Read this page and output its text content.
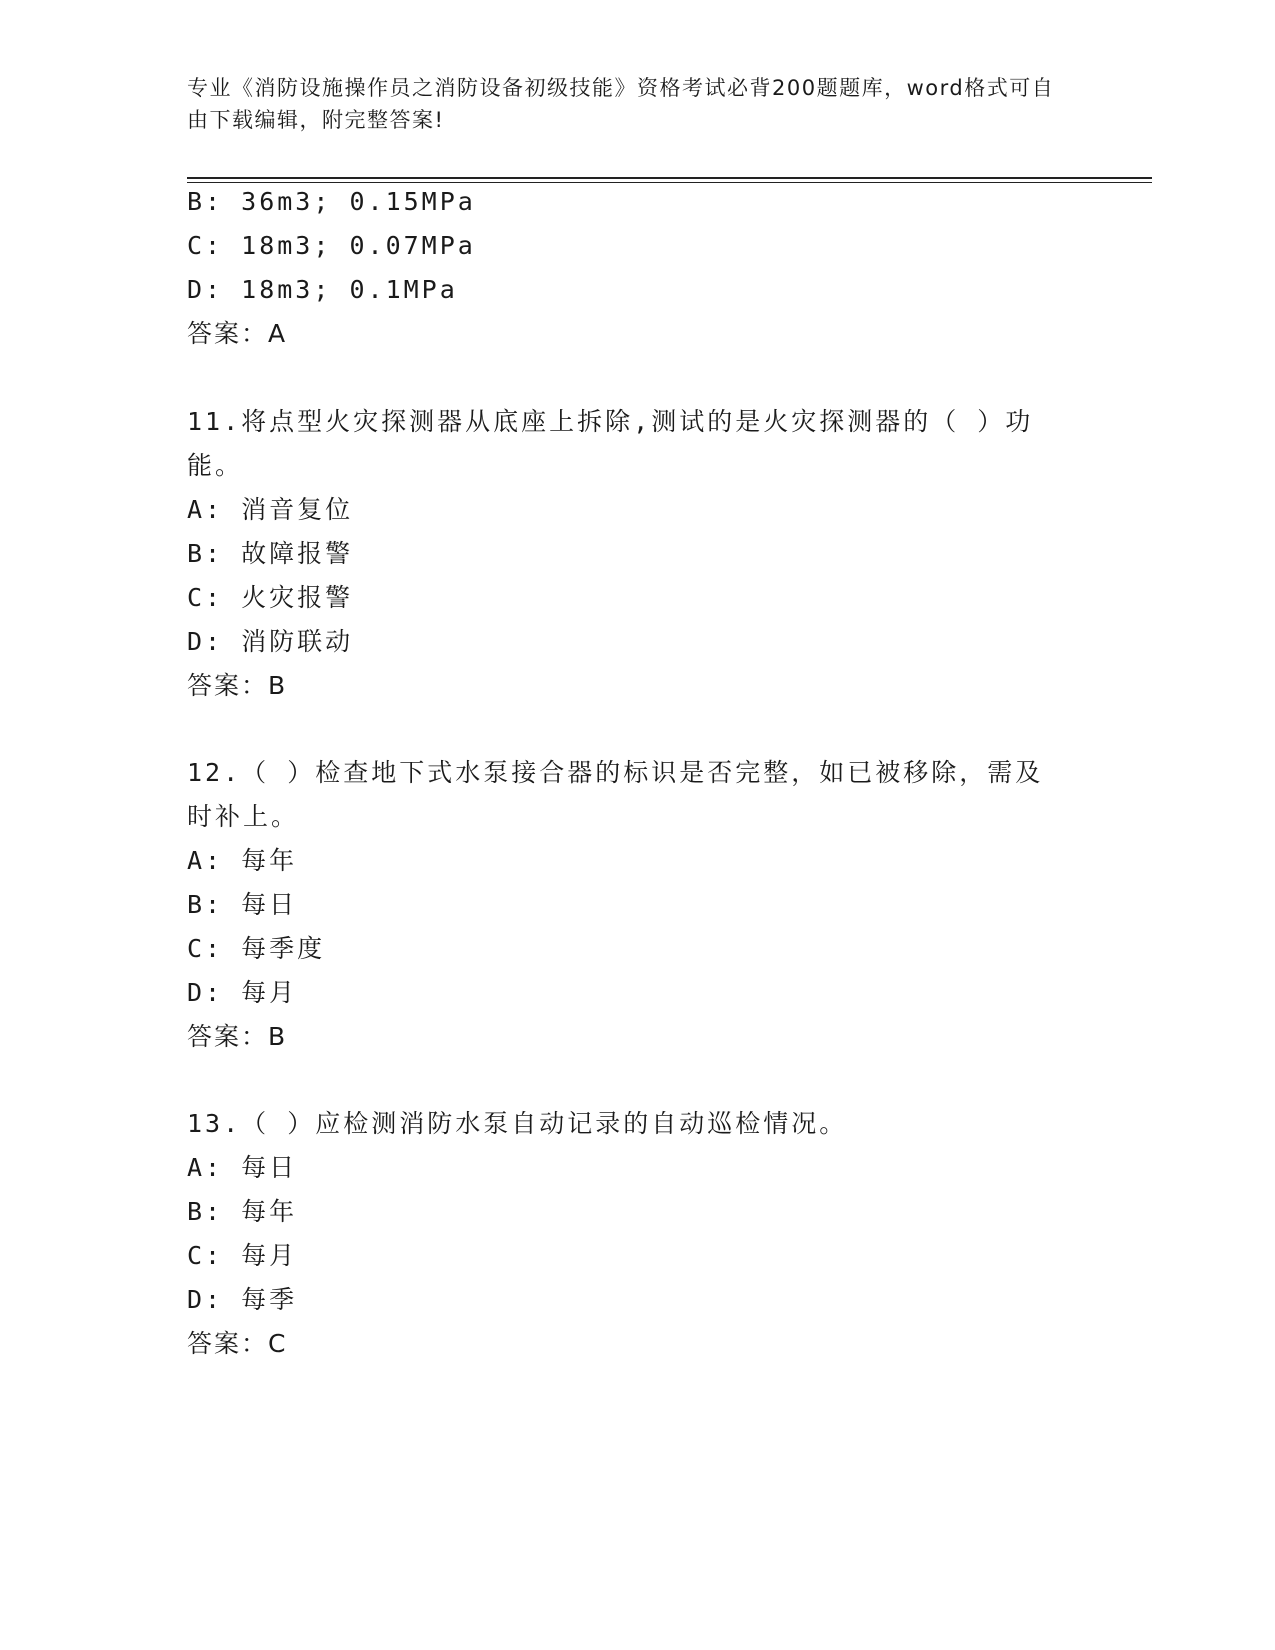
专业《消防设施操作员之消防设备初级技能》资格考试必背200题题库，word格式可自由下载编辑，附完整答案!
B: 36m3; 0.15MPa
C: 18m3; 0.07MPa
D: 18m3; 0.1MPa
答案：A
11.将点型火灾探测器从底座上拆除,测试的是火灾探测器的（ ）功
能。
A: 消音复位
B: 故障报警
C: 火灾报警
D: 消防联动
答案：B
12.（ ）检查地下式水泵接合器的标识是否完整，如已被移除，需及
时补上。
A: 每年
B: 每日
C: 每季度
D: 每月
答案：B
13.（ ）应检测消防水泵自动记录的自动巡检情况。
A: 每日
B: 每年
C: 每月
D: 每季
答案：C
